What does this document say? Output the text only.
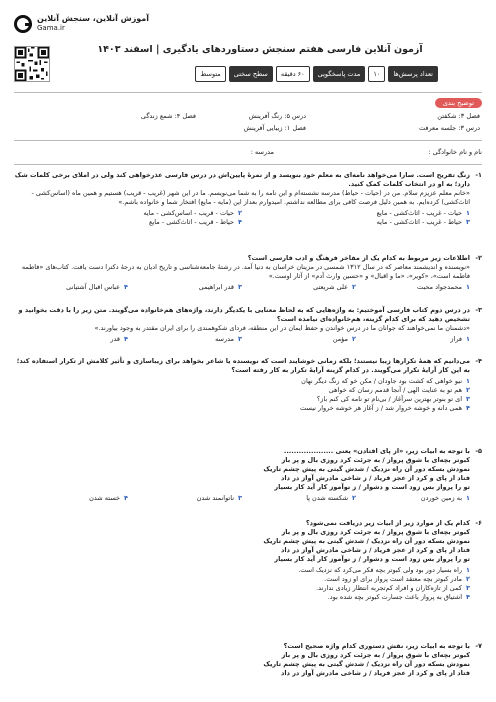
آموزش آنلاین، سنجش آنلاین
Gama.ir
آزمون آنلاین فارسی هفتم سنجش دستاوردهای یادگیری | اسفند ۱۴۰۳
تعداد پرسش‌ها
۱۰
مدت پاسخگویی
۶۰ دقیقه
سطح سختی
متوسط
توضیح بندی
فصل ۳: شکفتن
درس ۵: رنگ آفرینش
فصل ۴: شمع زندگی
درس ۳: جلسه معرفت
فصل ۱: زیبایی آفرینش
نام و نام خانوادگی :
مدرسه :
۱-
زنگ تفریح است. سارا می‌خواهد نامه‌ای به معلم خود بنویسد و از نمرهٔ پایین‌اش در درس فارسی عذرخواهی کند ولی در املای برخی کلمات شک دارد؛ به او در انتخاب کلمات کمک کنید.
«خانم معلم عزیزم سلام. من در (حیات - حیاط) مدرسه نشسته‌ام و این نامه را به شما می‌نویسم. ما در این شهر (غریب - قریب) هستیم و همین ماه (اساس‌کشی - اثاث‌کشی) کرده‌ایم. به همین دلیل فرصت کافی برای مطالعه نداشتم. امیدوارم بعداز این (مایه - مایع) افتخار شما و خانواده باشم.»
۱حیات - غریب - اثاث‌کشی - مایع
۲حیات - قریب - اساس‌کشی - مایه
۳حیاط - غریب - اثاث‌کشی - مایه
۴حیاط - قریب - اثاث‌کشی - مایع
۲-
اطلاعات زیر مربوط به کدام یک از مفاخر فرهنگ و ادب فارسی است؟
«نویسنده و اندیشمند معاصر که در سال ۱۳۱۲ شمسی در مزینان خراسان به دنیا آمد. در رشتهٔ جامعه‌شناسی و تاریخ ادیان به درجهٔ دکترا دست یافت. کتاب‌های «فاطمه فاطمه است»، «کویر»، «ما و اقبال» و «حسین وارث آدم» از آثار اوست.»
۱محمدجواد محبت
۲علی شریعتی
۳قدر ابراهیمی
۴عباس اقبال آشتیانی
۳-
در درس دوم کتاب فارسی آموختیم: به واژه‌هایی که به لحاظ معنایی با یکدیگر دارند، واژه‌های هم‌خانواده می‌گویند. متن زیر را با دقت بخوانید و تشخیص دهید که برای کدام گزینه، هم‌خانواده‌ای نیامده است؟
«دشمنان ما نمی‌خواهند که جوانان ما در درس خواندن و حفظ ایمان در این منطقه، فردای شکوهمندی را برای ایران مقتدر به وجود بیاورند.»
۱فراز
۲مؤمن
۳مدرسه
۴قدر
۴-
می‌دانیم که همهٔ تکرارها زیبا نیستند؛ بلکه زمانی خوشایند است که نویسنده یا شاعر بخواهد برای زیباسازی و تأثیر کلامش از تکرار استفاده کند؛ به این کار آرایهٔ تکرار می‌گویند. در کدام گزینه آرایهٔ تکرار به کار رفته است؟
۱نیو خواهی که کشت بود جاودان / مکن خو که رنگ دیگر نهان
۲هم تو به عنایت الهی / آنجا قدمم رسان که خواهی
۳ای تو بنوتر بهترین سرآغاز / بی‌نام تو نامه کی کنم باز؟
۴همی دانه و خوشه خروار شد / ز آغاز هر خوشه خروار نیست
۵-
با توجه به ابیات زیر، «از پای افتادن» یعنی ....................
کبوتر بچه‌ای با شوق پرواز / به جرئت کرد روزی بال و پر باز
نمودش بسکه دور آن راه نزدیک / شدش گیتی به پیش چشم تاریک
فتاد از پای و کرد از عجز فریاد / ز شاخی مادرش آواز در داد
تو را پرواز بس زود است و دشوار / ز نوآموز کار آید کار بسیار
۱به زمین خوردن
۲شکسته شدن پا
۳ناتوانمند شدن
۴خسته شدن
۶-
کدام یک از موارد زیر از ابیات زیر دریافت نمی‌شود؟
کبوتر بچه‌ای با شوق پرواز / به جرئت کرد روزی بال و پر باز
نمودش بسکه دور آن راه نزدیک / شدش گیتی به پیش چشم تاریک
فتاد از پای و کرد از عجز فریاد / ز شاخی مادرش آواز در داد
تو را پرواز بس زود است و دشوار / ز نوآموز کار آید کار بسیار
۱راه بسیار دور بود ولی کبوتر بچه فکر می‌کرد که نزدیک است.
۲مادر کبوتر بچه معتقد است پرواز برای او زود است.
۳کمی از تازه‌کاران و افراد کم‌تجربه انتظار زیادی ندارند.
۴اشتیاق به پرواز باعث جسارت کبوتر بچه شده بود.
۷-
با توجه به ابیات زیر، نقش دستوری کدام واژه صحیح است؟
کبوتر بچه‌ای با شوق پرواز / به جرئت کرد روزی بال و پر باز
نمودش بسکه دور آن راه نزدیک / شدش گیتی به پیش چشم تاریک
فتاد از پای و کرد از عجز فریاد / ز شاخی مادرش آواز در داد
